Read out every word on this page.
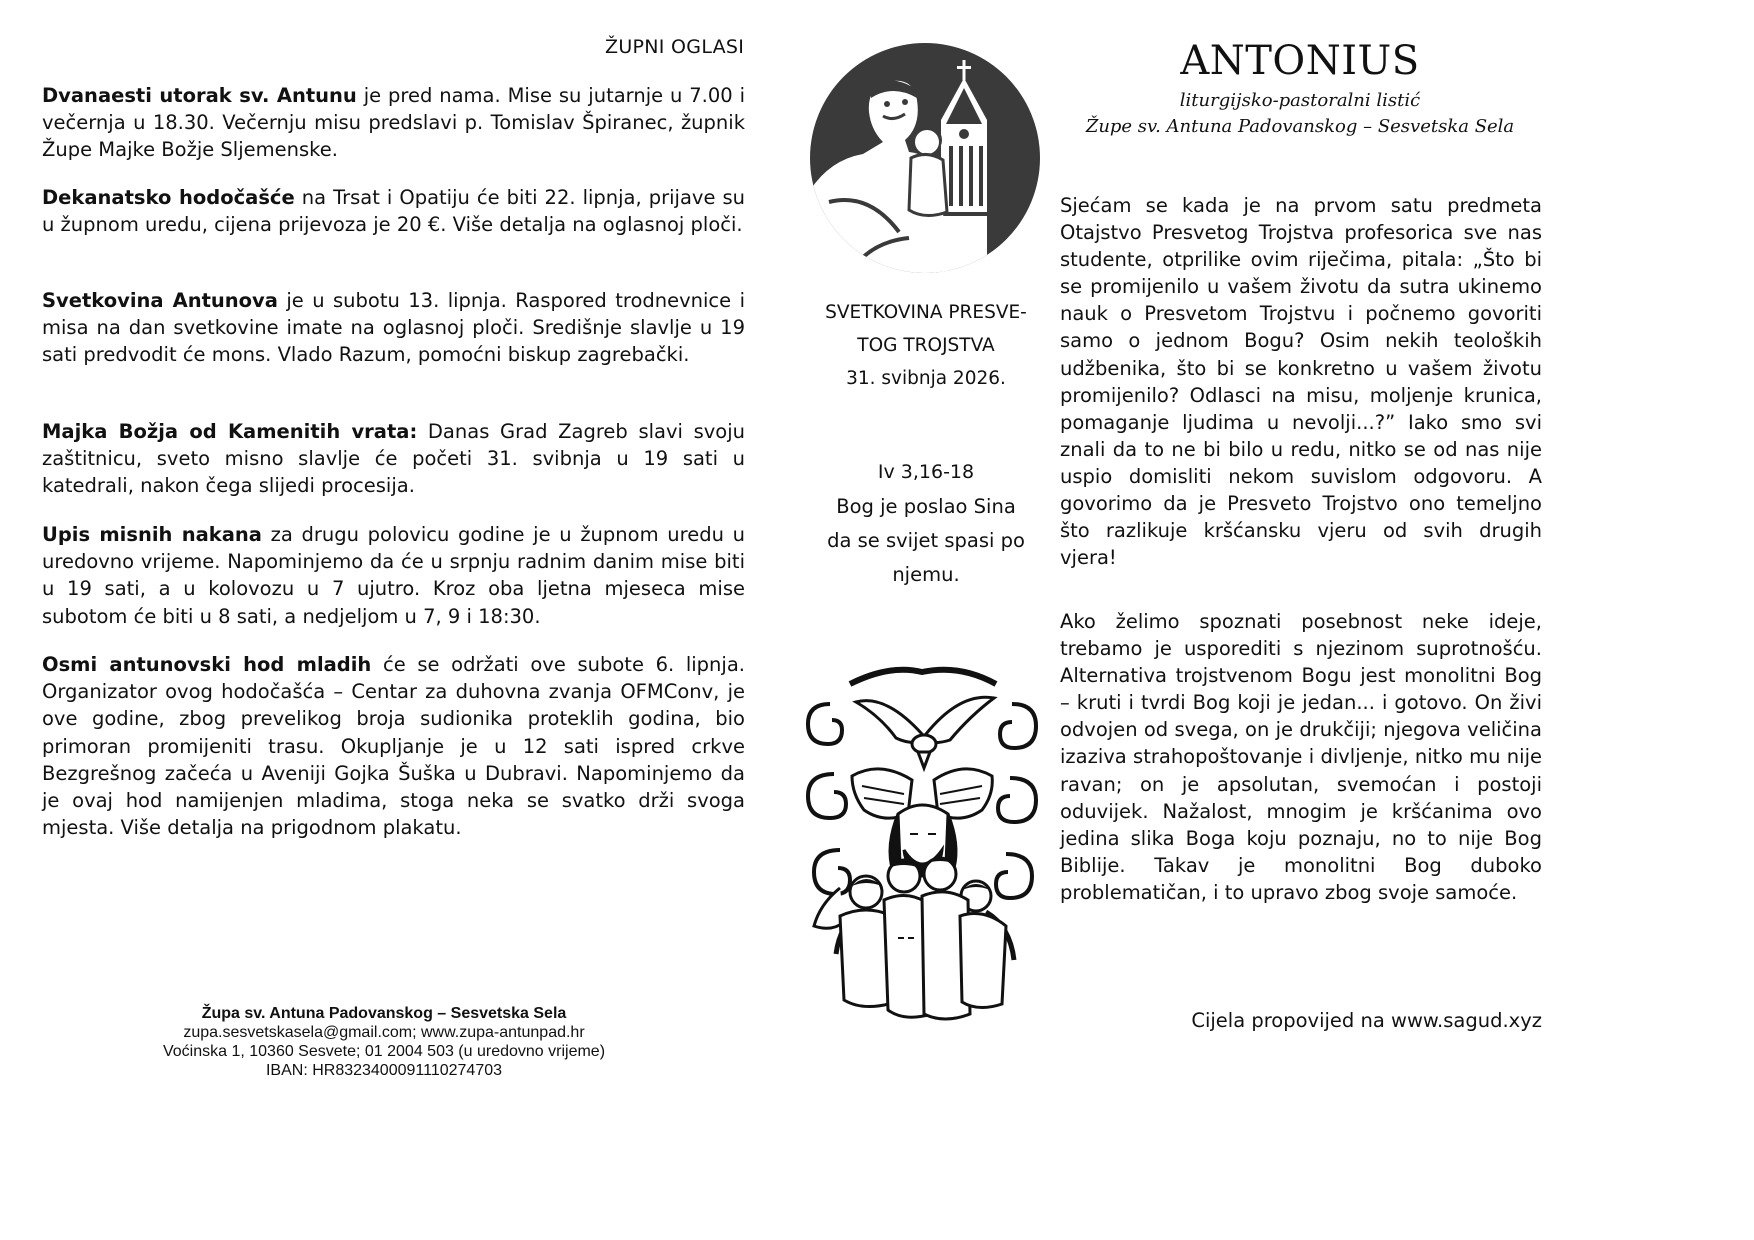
ŽUPNI OGLASI
Dvanaesti utorak sv. Antunu je pred nama. Mise su jutarnje u 7.00 i večernja u 18.30. Večernju misu predslavi p. Tomislav Špiranec, župnik Župe Majke Božje Sljemenske.
Dekanatsko hodočašće na Trsat i Opatiju će biti 22. lipnja, prijave su u župnom uredu, cijena prijevoza je 20 €. Više detalja na oglasnoj ploči.
Svetkovina Antunova je u subotu 13. lipnja. Raspored trodnevnice i misa na dan svetkovine imate na oglasnoj ploči. Središnje slavlje u 19 sati predvodit će mons. Vlado Razum, pomoćni biskup zagrebački.
Majka Božja od Kamenitih vrata: Danas Grad Zagreb slavi svoju zaštitnicu, sveto misno slavlje će početi 31. svibnja u 19 sati u katedrali, nakon čega slijedi procesija.
Upis misnih nakana za drugu polovicu godine je u župnom uredu u uredovno vrijeme. Napominjemo da će u srpnju radnim danim mise biti u 19 sati, a u kolovozu u 7 ujutro. Kroz oba ljetna mjeseca mise subotom će biti u 8 sati, a nedjeljom u 7, 9 i 18:30.
Osmi antunovski hod mladih će se održati ove subote 6. lipnja. Organizator ovog hodočašća – Centar za duhovna zvanja OFMConv, je ove godine, zbog prevelikog broja sudionika proteklih godina, bio primoran promijeniti trasu. Okupljanje je u 12 sati ispred crkve Bezgrešnog začeća u Aveniji Gojka Šuška u Dubravi. Napominjemo da je ovaj hod namijenjen mladima, stoga neka se svatko drži svoga mjesta. Više detalja na prigodnom plakatu.
Župa sv. Antuna Padovanskog – Sesvetska Sela
zupa.sesvetskasela@gmail.com; www.zupa-antunpad.hr
Voćinska 1, 10360 Sesvete; 01 2004 503 (u uredovno vrijeme)
IBAN: HR8323400091110274703
SVETKOVINA PRESVE-
TOG TROJSTVA
31. svibnja 2026.
Iv 3,16-18
Bog je poslao Sina
da se svijet spasi po
njemu.
ANTONIUS
liturgijsko-pastoralni listić
Župe sv. Antuna Padovanskog – Sesvetska Sela
Sjećam se kada je na prvom satu predmeta Otajstvo Presvetog Trojstva profesorica sve nas studente, otprilike ovim riječima, pitala: „Što bi se promijenilo u vašem životu da sutra ukinemo nauk o Presvetom Trojstvu i počnemo govoriti samo o jednom Bogu? Osim nekih teoloških udžbenika, što bi se konkretno u vašem životu promijenilo? Odlasci na misu, moljenje krunica, pomaganje ljudima u nevolji...?” Iako smo svi znali da to ne bi bilo u redu, nitko se od nas nije uspio domisliti nekom suvislom odgovoru. A govorimo da je Presveto Trojstvo ono temeljno što razlikuje kršćansku vjeru od svih drugih vjera!
Ako želimo spoznati posebnost neke ideje, trebamo je usporediti s njezinom suprotnošću. Alternativa trojstvenom Bogu jest monolitni Bog – kruti i tvrdi Bog koji je jedan... i gotovo. On živi odvojen od svega, on je drukčiji; njegova veličina izaziva strahopoštovanje i divljenje, nitko mu nije ravan; on je apsolutan, svemoćan i postoji oduvijek. Nažalost, mnogim je kršćanima ovo jedina slika Boga koju poznaju, no to nije Bog Biblije. Takav je monolitni Bog duboko problematičan, i to upravo zbog svoje samoće.
Cijela propovijed na www.sagud.xyz
